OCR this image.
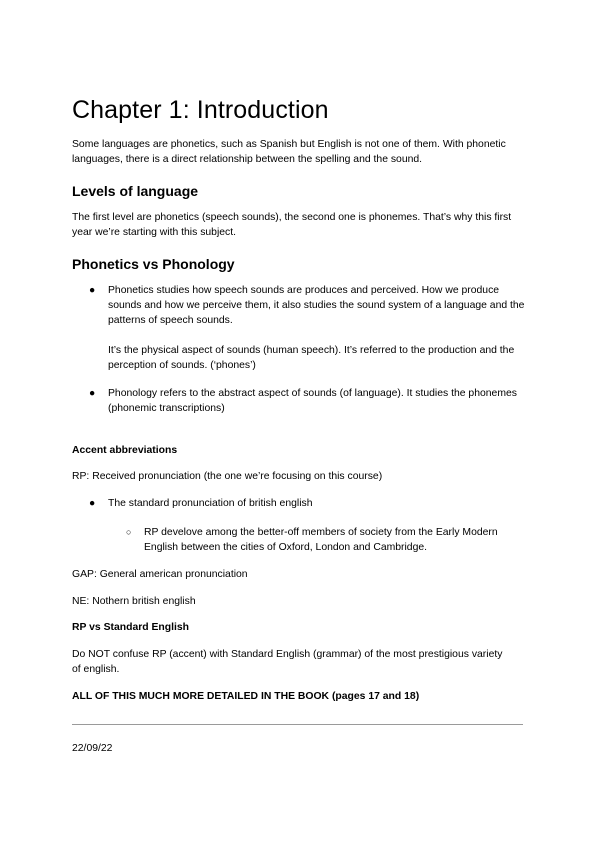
Chapter 1: Introduction

Some languages are phonetics, such as Spanish but English is not one of them. With phonetic languages, there is a direct relationship between the spelling and the sound.

Levels of language

The first level are phonetics (speech sounds), the second one is phonemes. That’s why this first year we’re starting with this subject.

Phonetics vs Phonology
●	Phonetics studies how speech sounds are produces and perceived. How we produce sounds and how we perceive them, it also studies the sound system of a language and the patterns of speech sounds.

It’s the physical aspect of sounds (human speech). It’s referred to the production and the perception of sounds. (‘phones’)

●	Phonology refers to the abstract aspect of sounds (of language). It studies the phonemes (phonemic transcriptions)

Accent abbreviations

RP: Received pronunciation (the one we’re focusing on this course)

●	The standard pronunciation of british english
○	RP develove among the better-off members of society from the Early Modern English between the cities of Oxford, London and Cambridge.

GAP: General american pronunciation

NE: Nothern british english

RP vs Standard English

Do NOT confuse RP (accent) with Standard English (grammar) of the most prestigious variety of english.

ALL OF THIS MUCH MORE DETAILED IN THE BOOK (pages 17 and 18)

22/09/22
